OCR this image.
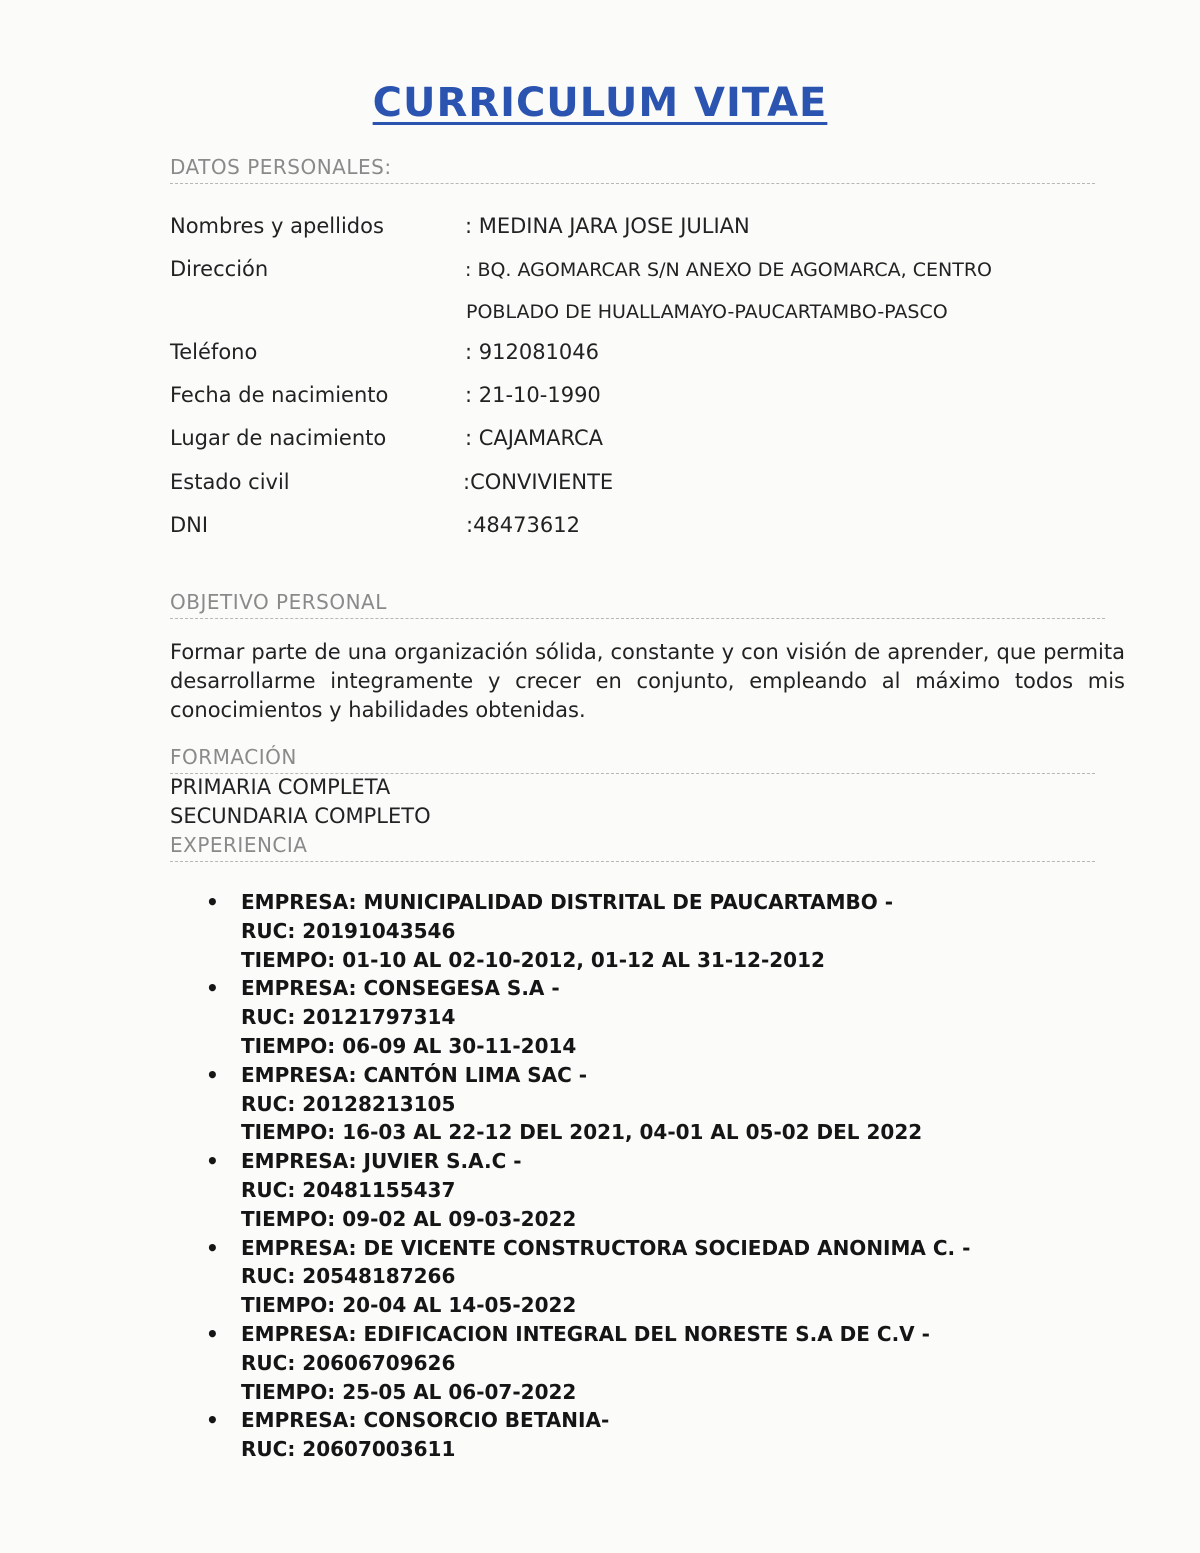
CURRICULUM VITAE
DATOS PERSONALES:
Nombres y apellidos	: MEDINA JARA JOSE JULIAN
Dirección	: BQ. AGOMARCAR S/N ANEXO DE AGOMARCA, CENTRO
POBLADO DE HUALLAMAYO-PAUCARTAMBO-PASCO
Teléfono	: 912081046
Fecha de nacimiento	: 21-10-1990
Lugar de nacimiento	: CAJAMARCA
Estado civil	:CONVIVIENTE
DNI	:48473612
OBJETIVO PERSONAL
Formar parte de una organización sólida, constante y con visión de aprender, que permita desarrollarme integramente y crecer en conjunto, empleando al máximo todos mis conocimientos y habilidades obtenidas.
FORMACIÓN
PRIMARIA COMPLETA
SECUNDARIA COMPLETO
EXPERIENCIA
• EMPRESA: MUNICIPALIDAD DISTRITAL DE PAUCARTAMBO -
RUC: 20191043546
TIEMPO: 01-10 AL 02-10-2012, 01-12 AL 31-12-2012
• EMPRESA: CONSEGESA S.A -
RUC: 20121797314
TIEMPO: 06-09 AL 30-11-2014
• EMPRESA: CANTÓN LIMA SAC -
RUC: 20128213105
TIEMPO: 16-03 AL 22-12 DEL 2021, 04-01 AL 05-02 DEL 2022
• EMPRESA: JUVIER S.A.C -
RUC: 20481155437
TIEMPO: 09-02 AL 09-03-2022
• EMPRESA: DE VICENTE CONSTRUCTORA SOCIEDAD ANONIMA C. -
RUC: 20548187266
TIEMPO: 20-04 AL 14-05-2022
• EMPRESA: EDIFICACION INTEGRAL DEL NORESTE S.A DE C.V -
RUC: 20606709626
TIEMPO: 25-05 AL 06-07-2022
• EMPRESA: CONSORCIO BETANIA-
RUC: 20607003611
